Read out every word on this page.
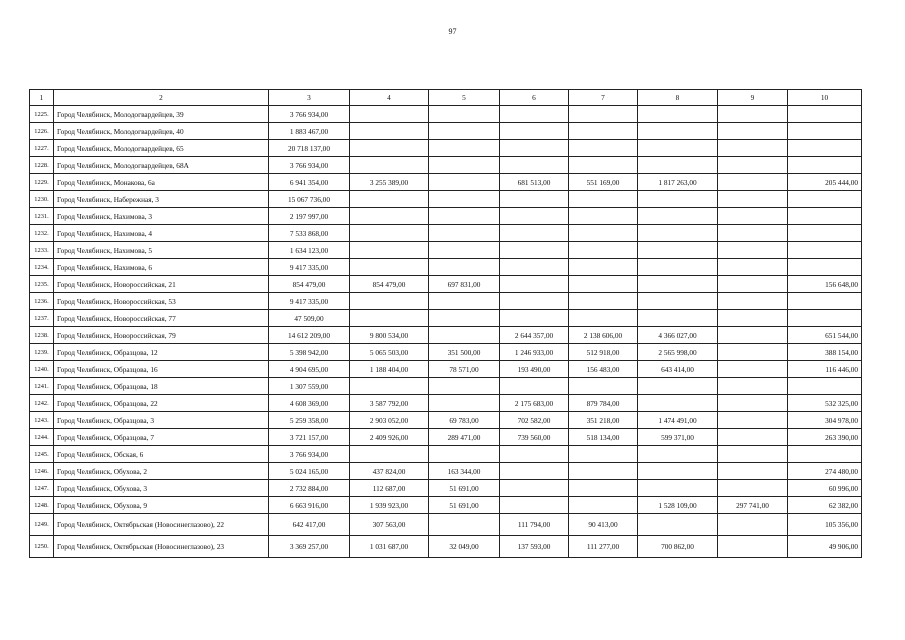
97
1	2	3	4	5	6	7	8	9	10
1225.	Город Челябинск, Молодогвардейцев, 39	3 766 934,00							
1226.	Город Челябинск, Молодогвардейцев, 40	1 883 467,00							
1227.	Город Челябинск, Молодогвардейцев, 65	20 718 137,00							
1228.	Город Челябинск, Молодогвардейцев, 68А	3 766 934,00							
1229.	Город Челябинск, Монакова, 6а	6 941 354,00	3 255 389,00		681 513,00	551 169,00	1 817 263,00		205 444,00
1230.	Город Челябинск, Набережная, 3	15 067 736,00							
1231.	Город Челябинск, Нахимова, 3	2 197 997,00							
1232.	Город Челябинск, Нахимова, 4	7 533 868,00							
1233.	Город Челябинск, Нахимова, 5	1 634 123,00							
1234.	Город Челябинск, Нахимова, 6	9 417 335,00							
1235.	Город Челябинск, Новороссийская, 21	854 479,00	854 479,00	697 831,00					156 648,00
1236.	Город Челябинск, Новороссийская, 53	9 417 335,00							
1237.	Город Челябинск, Новороссийская, 77	47 509,00							
1238.	Город Челябинск, Новороссийская, 79	14 612 209,00	9 800 534,00		2 644 357,00	2 138 606,00	4 366 027,00		651 544,00
1239.	Город Челябинск, Образцова, 12	5 398 942,00	5 065 503,00	351 500,00	1 246 933,00	512 918,00	2 565 998,00		388 154,00
1240.	Город Челябинск, Образцова, 16	4 904 695,00	1 188 404,00	78 571,00	193 490,00	156 483,00	643 414,00		116 446,00
1241.	Город Челябинск, Образцова, 18	1 307 559,00							
1242.	Город Челябинск, Образцова, 22	4 608 369,00	3 587 792,00		2 175 683,00	879 784,00			532 325,00
1243.	Город Челябинск, Образцова, 3	5 259 358,00	2 903 052,00	69 783,00	702 582,00	351 218,00	1 474 491,00		304 978,00
1244.	Город Челябинск, Образцова, 7	3 721 157,00	2 409 926,00	289 471,00	739 560,00	518 134,00	599 371,00		263 390,00
1245.	Город Челябинск, Обская, 6	3 766 934,00							
1246.	Город Челябинск, Обухова, 2	5 024 165,00	437 824,00	163 344,00					274 480,00
1247.	Город Челябинск, Обухова, 3	2 732 884,00	112 687,00	51 691,00					60 996,00
1248.	Город Челябинск, Обухова, 9	6 663 916,00	1 939 923,00	51 691,00			1 528 109,00	297 741,00	62 382,00
1249.	Город Челябинск, Октябрьская (Новосинеглазово), 22	642 417,00	307 563,00		111 794,00	90 413,00			105 356,00
1250.	Город Челябинск, Октябрьская (Новосинеглазово), 23	3 369 257,00	1 031 687,00	32 049,00	137 593,00	111 277,00	700 862,00		49 906,00
